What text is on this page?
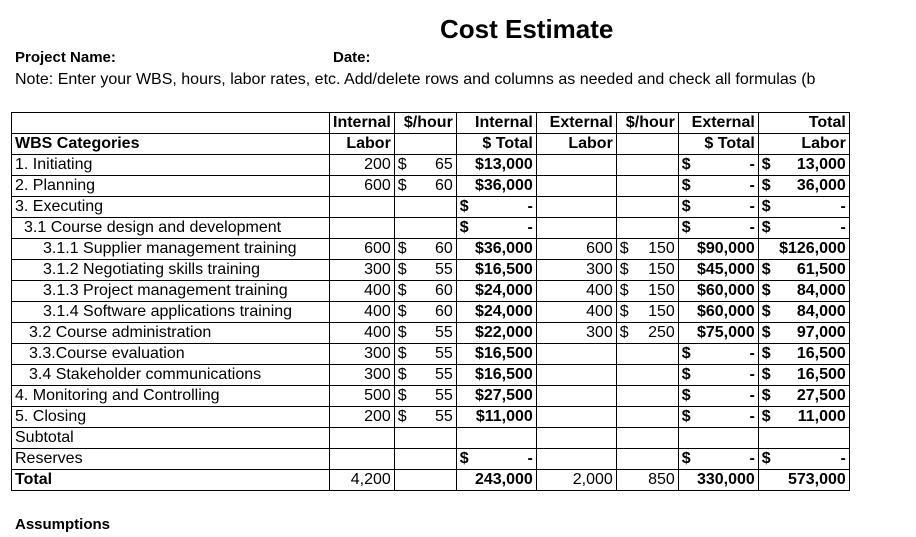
Cost Estimate
Project Name:	Date:
Note: Enter your WBS, hours, labor rates, etc. Add/delete rows and columns as needed and check all formulas (b
	Internal	$/hour	Internal	External	$/hour	External	Total
WBS Categories	Labor		$ Total	Labor		$ Total	Labor
1. Initiating	200	$ 65	$13,000			$ -	$ 13,000

2. Planning	600	$ 60	$36,000			$ -	$ 36,000

3. Executing			$ -			$ -	$ -

3.1 Course design and development			$ -			$ -	$ -

3.1.1 Supplier management training	600	$ 60	$36,000	600	$ 150	$90,000	$126,000

3.1.2 Negotiating skills training	300	$ 55	$16,500	300	$ 150	$45,000	$ 61,500

3.1.3 Project management training	400	$ 60	$24,000	400	$ 150	$60,000	$ 84,000

3.1.4 Software applications training	400	$ 60	$24,000	400	$ 150	$60,000	$ 84,000

3.2 Course administration	400	$ 55	$22,000	300	$ 250	$75,000	$ 97,000

3.3.Course evaluation	300	$ 55	$16,500			$ -	$ 16,500

3.4 Stakeholder communications	300	$ 55	$16,500			$ -	$ 16,500

4. Monitoring and Controlling	500	$ 55	$27,500			$ -	$ 27,500

5. Closing	200	$ 55	$11,000			$ -	$ 11,000

Subtotal							
Reserves			$ -			$ -	$ -

Total	4,200		243,000	2,000	850	330,000	573,000
Assumptions
